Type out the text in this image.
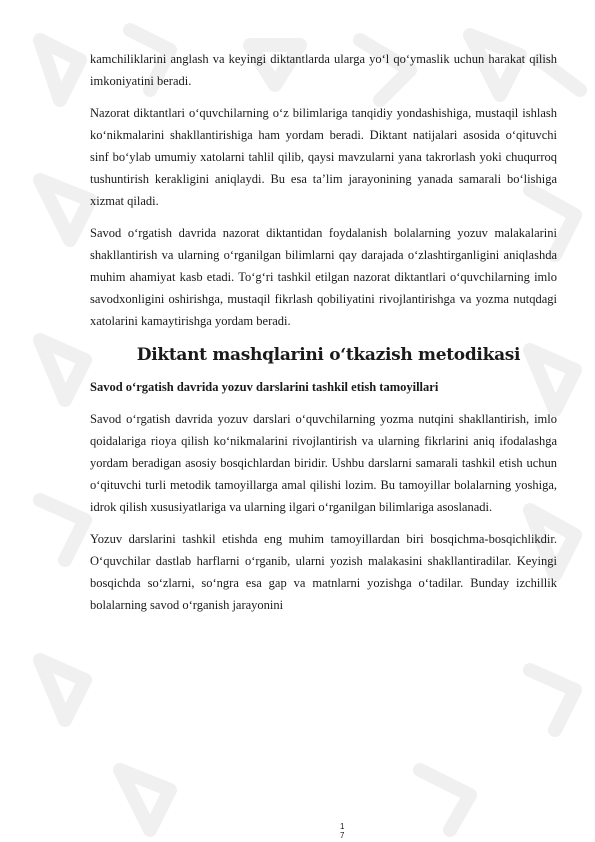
kamchiliklarini anglash va keyingi diktantlarda ularga yo‘l qo‘ymaslik uchun harakat qilish imkoniyatini beradi.

Nazorat diktantlari o‘quvchilarning o‘z bilimlariga tanqidiy yondashishiga, mustaqil ishlash ko‘nikmalarini shakllantirishiga ham yordam beradi. Diktant natijalari asosida o‘qituvchi sinf bo‘ylab umumiy xatolarni tahlil qilib, qaysi mavzularni yana takrorlash yoki chuqurroq tushuntirish kerakligini aniqlaydi. Bu esa ta’lim jarayonining yanada samarali bo‘lishiga xizmat qiladi.

Savod o‘rgatish davrida nazorat diktantidan foydalanish bolalarning yozuv malakalarini shakllantirish va ularning o‘rganilgan bilimlarni qay darajada o‘zlashtirganligini aniqlashda muhim ahamiyat kasb etadi. To‘g‘ri tashkil etilgan nazorat diktantlari o‘quvchilarning imlo savodxonligini oshirishga, mustaqil fikrlash qobiliyatini rivojlantirishga va yozma nutqdagi xatolarini kamaytirishga yordam beradi.

Diktant mashqlarini o‘tkazish metodikasi
Savod o‘rgatish davrida yozuv darslarini tashkil etish tamoyillari

Savod o‘rgatish davrida yozuv darslari o‘quvchilarning yozma nutqini shakllantirish, imlo qoidalariga rioya qilish ko‘nikmalarini rivojlantirish va ularning fikrlarini aniq ifodalashga yordam beradigan asosiy bosqichlardan biridir. Ushbu darslarni samarali tashkil etish uchun o‘qituvchi turli metodik tamoyillarga amal qilishi lozim. Bu tamoyillar bolalarning yoshiga, idrok qilish xususiyatlariga va ularning ilgari o‘rganilgan bilimlariga asoslanadi.

Yozuv darslarini tashkil etishda eng muhim tamoyillardan biri bosqichma-bosqichlikdir. O‘quvchilar dastlab harflarni o‘rganib, ularni yozish malakasini shakllantiradilar. Keyingi bosqichda so‘zlarni, so‘ngra esa gap va matnlarni yozishga o‘tadilar. Bunday izchillik bolalarning savod o‘rganish jarayonini

1
7
